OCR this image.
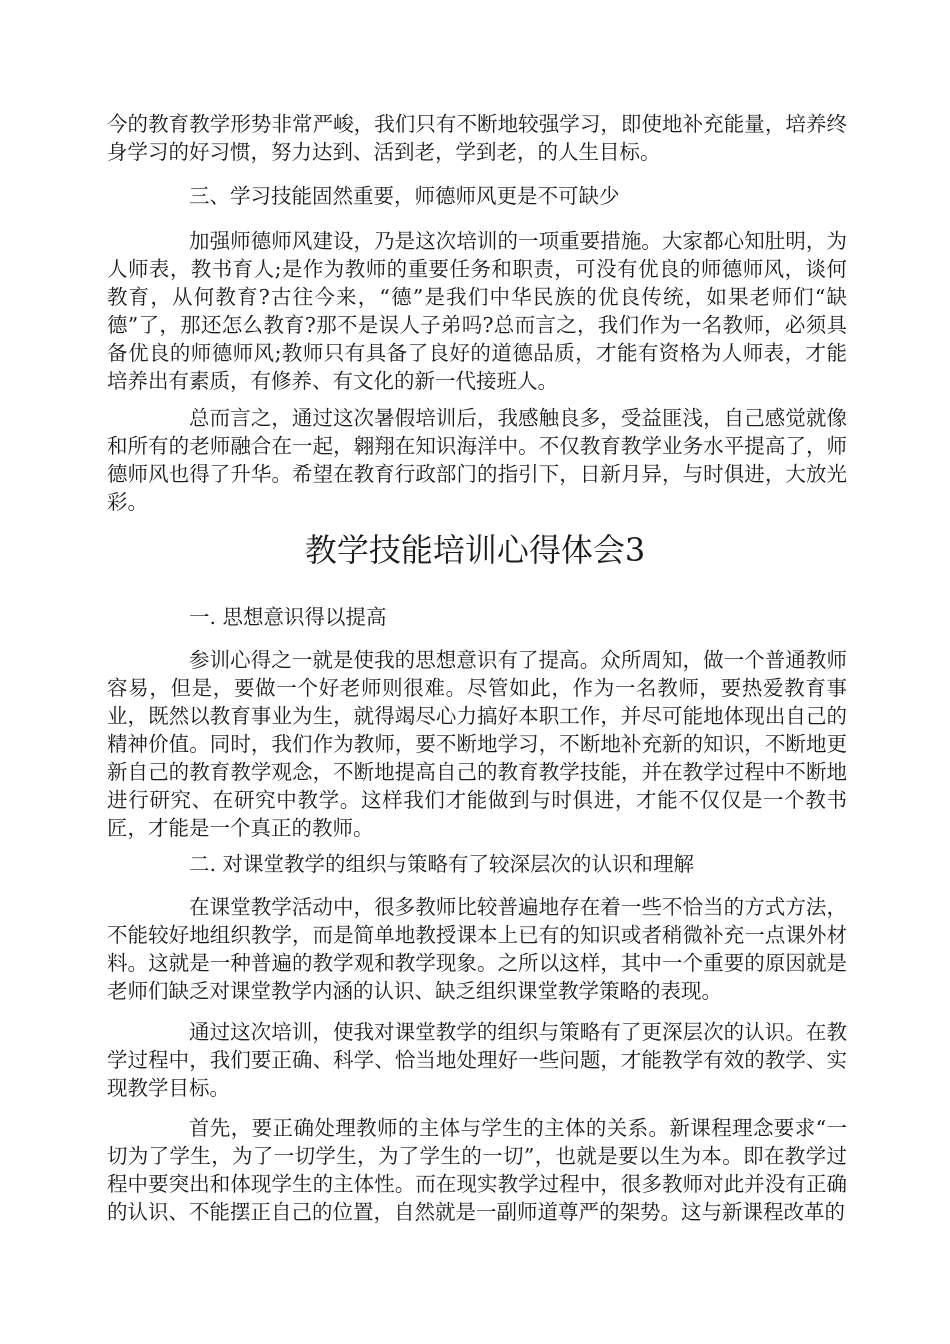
今的教育教学形势非常严峻，我们只有不断地较强学习，即使地补充能量，培养终身学习的好习惯，努力达到、活到老，学到老，的人生目标。

三、学习技能固然重要，师德师风更是不可缺少

加强师德师风建设，乃是这次培训的一项重要措施。大家都心知肚明，为人师表，教书育人;是作为教师的重要任务和职责，可没有优良的师德师风，谈何教育，从何教育?古往今来，“德”是我们中华民族的优良传统，如果老师们“缺德”了，那还怎么教育?那不是误人子弟吗?总而言之，我们作为一名教师，必须具备优良的师德师风;教师只有具备了良好的道德品质，才能有资格为人师表，才能培养出有素质，有修养、有文化的新一代接班人。

总而言之，通过这次暑假培训后，我感触良多，受益匪浅，自己感觉就像和所有的老师融合在一起，翱翔在知识海洋中。不仅教育教学业务水平提高了，师德师风也得了升华。希望在教育行政部门的指引下，日新月异，与时俱进，大放光彩。

教学技能培训心得体会3

一. 思想意识得以提高

参训心得之一就是使我的思想意识有了提高。众所周知，做一个普通教师容易，但是，要做一个好老师则很难。尽管如此，作为一名教师，要热爱教育事业，既然以教育事业为生，就得竭尽心力搞好本职工作，并尽可能地体现出自己的精神价值。同时，我们作为教师，要不断地学习，不断地补充新的知识，不断地更新自己的教育教学观念，不断地提高自己的教育教学技能，并在教学过程中不断地进行研究、在研究中教学。这样我们才能做到与时俱进，才能不仅仅是一个教书匠，才能是一个真正的教师。

二. 对课堂教学的组织与策略有了较深层次的认识和理解

在课堂教学活动中，很多教师比较普遍地存在着一些不恰当的方式方法，不能较好地组织教学，而是简单地教授课本上已有的知识或者稍微补充一点课外材料。这就是一种普遍的教学观和教学现象。之所以这样，其中一个重要的原因就是老师们缺乏对课堂教学内涵的认识、缺乏组织课堂教学策略的表现。

通过这次培训，使我对课堂教学的组织与策略有了更深层次的认识。在教学过程中，我们要正确、科学、恰当地处理好一些问题，才能教学有效的教学、实现教学目标。

首先，要正确处理教师的主体与学生的主体的关系。新课程理念要求“一切为了学生，为了一切学生，为了学生的一切”，也就是要以生为本。即在教学过程中要突出和体现学生的主体性。而在现实教学过程中，很多教师对此并没有正确的认识、不能摆正自己的位置，自然就是一副师道尊严的架势。这与新课程改革的
